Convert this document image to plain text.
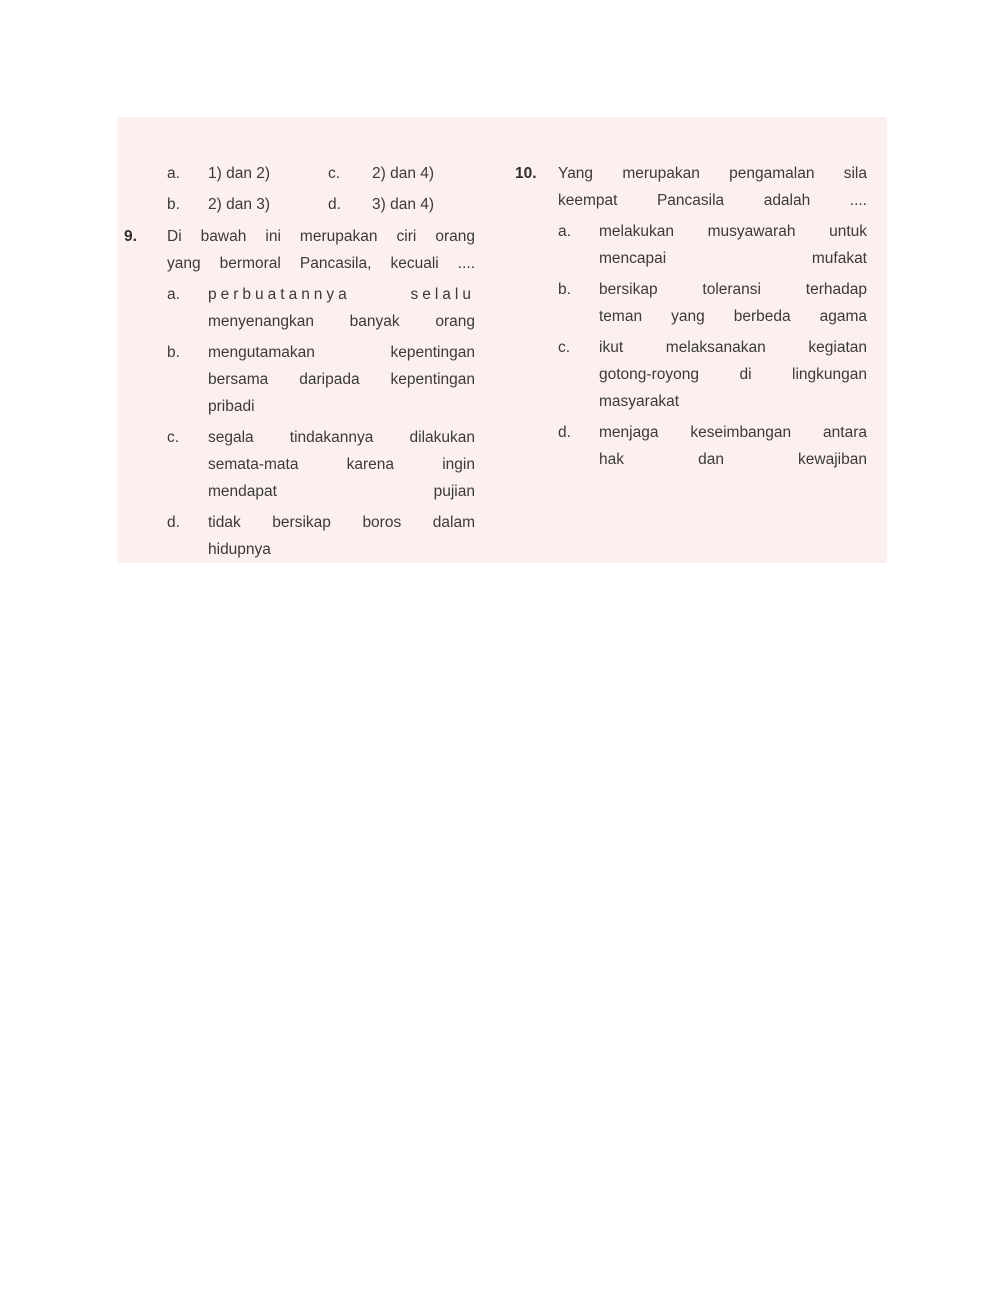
a. 1) dan 2)	c. 2) dan 4)
b. 2) dan 3)	d. 3) dan 4)
9. Di bawah ini merupakan ciri orang
yang bermoral Pancasila, kecuali ....
a. perbuatannya selalu
menyenangkan banyak orang
b. mengutamakan kepentingan
bersama daripada kepentingan
pribadi
c. segala tindakannya dilakukan
semata-mata karena ingin
mendapat pujian
d. tidak bersikap boros dalam
hidupnya
10. Yang merupakan pengamalan sila
keempat Pancasila adalah ....
a. melakukan musyawarah untuk
mencapai mufakat
b. bersikap toleransi terhadap
teman yang berbeda agama
c. ikut melaksanakan kegiatan
gotong-royong di lingkungan
masyarakat
d. menjaga keseimbangan antara
hak dan kewajiban
